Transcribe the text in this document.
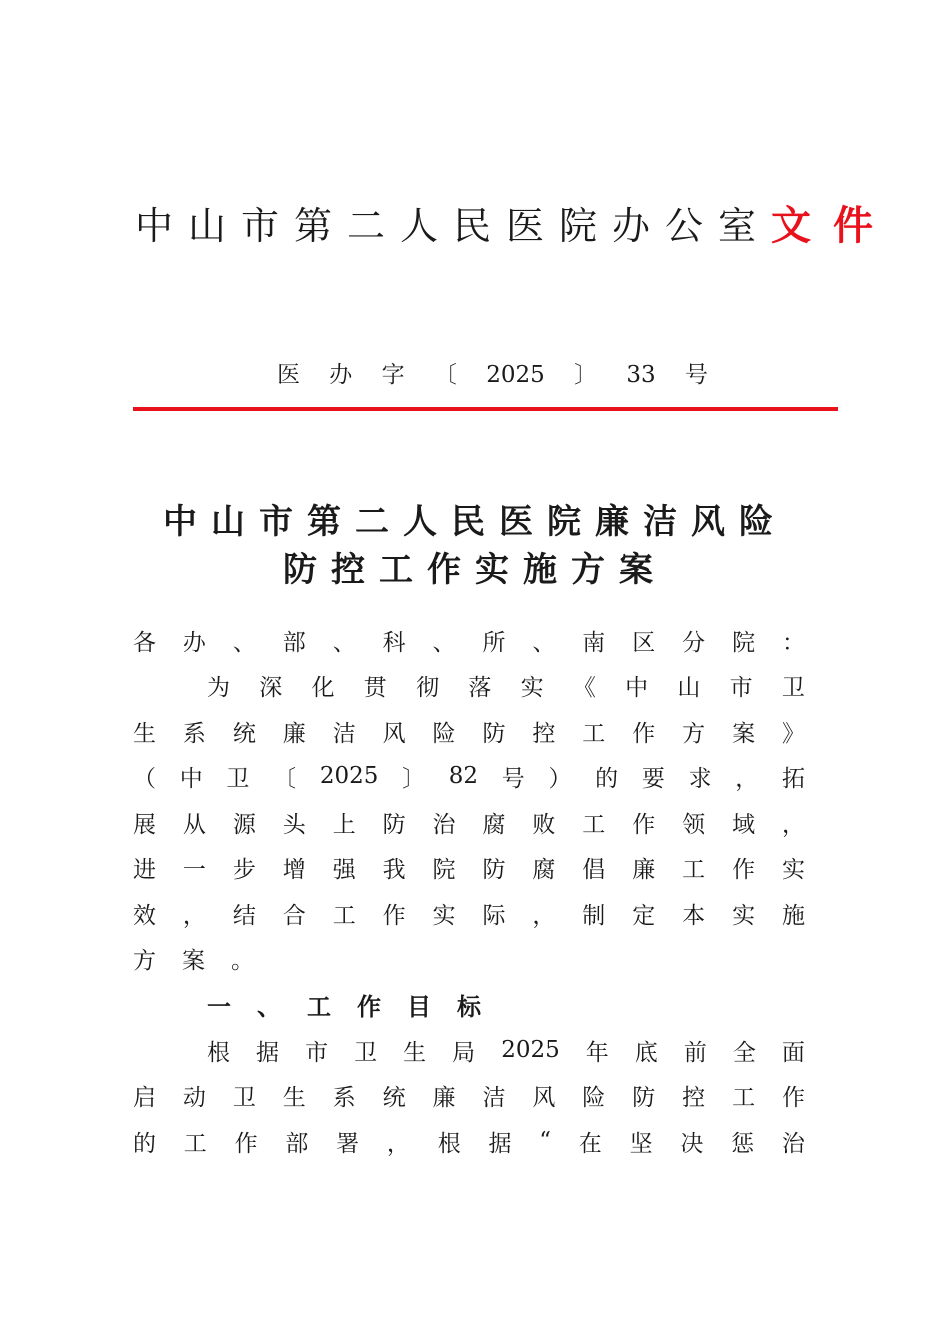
中山市第二人民医院办公室文件
医 办 字 〔 2025 〕 33 号
中山市第二人民医院廉洁风险
防控工作实施方案
各 办 、 部 、 科 、 所 、 南 区 分 院 ：
为 深 化 贯 彻 落 实 《 中 山 市 卫
生 系 统 廉 洁 风 险 防 控 工 作 方 案 》
（ 中 卫 〔 2025 〕 82 号 ） 的 要 求 ， 拓
展 从 源 头 上 防 治 腐 败 工 作 领 域 ，
进 一 步 增 强 我 院 防 腐 倡 廉 工 作 实
效 ， 结 合 工 作 实 际 ， 制 定 本 实 施
方 案 。
一 、 工 作 目 标
根 据 市 卫 生 局 2025 年 底 前 全 面
启 动 卫 生 系 统 廉 洁 风 险 防 控 工 作
的 工 作 部 署 ， 根 据 “ 在 坚 决 惩 治
